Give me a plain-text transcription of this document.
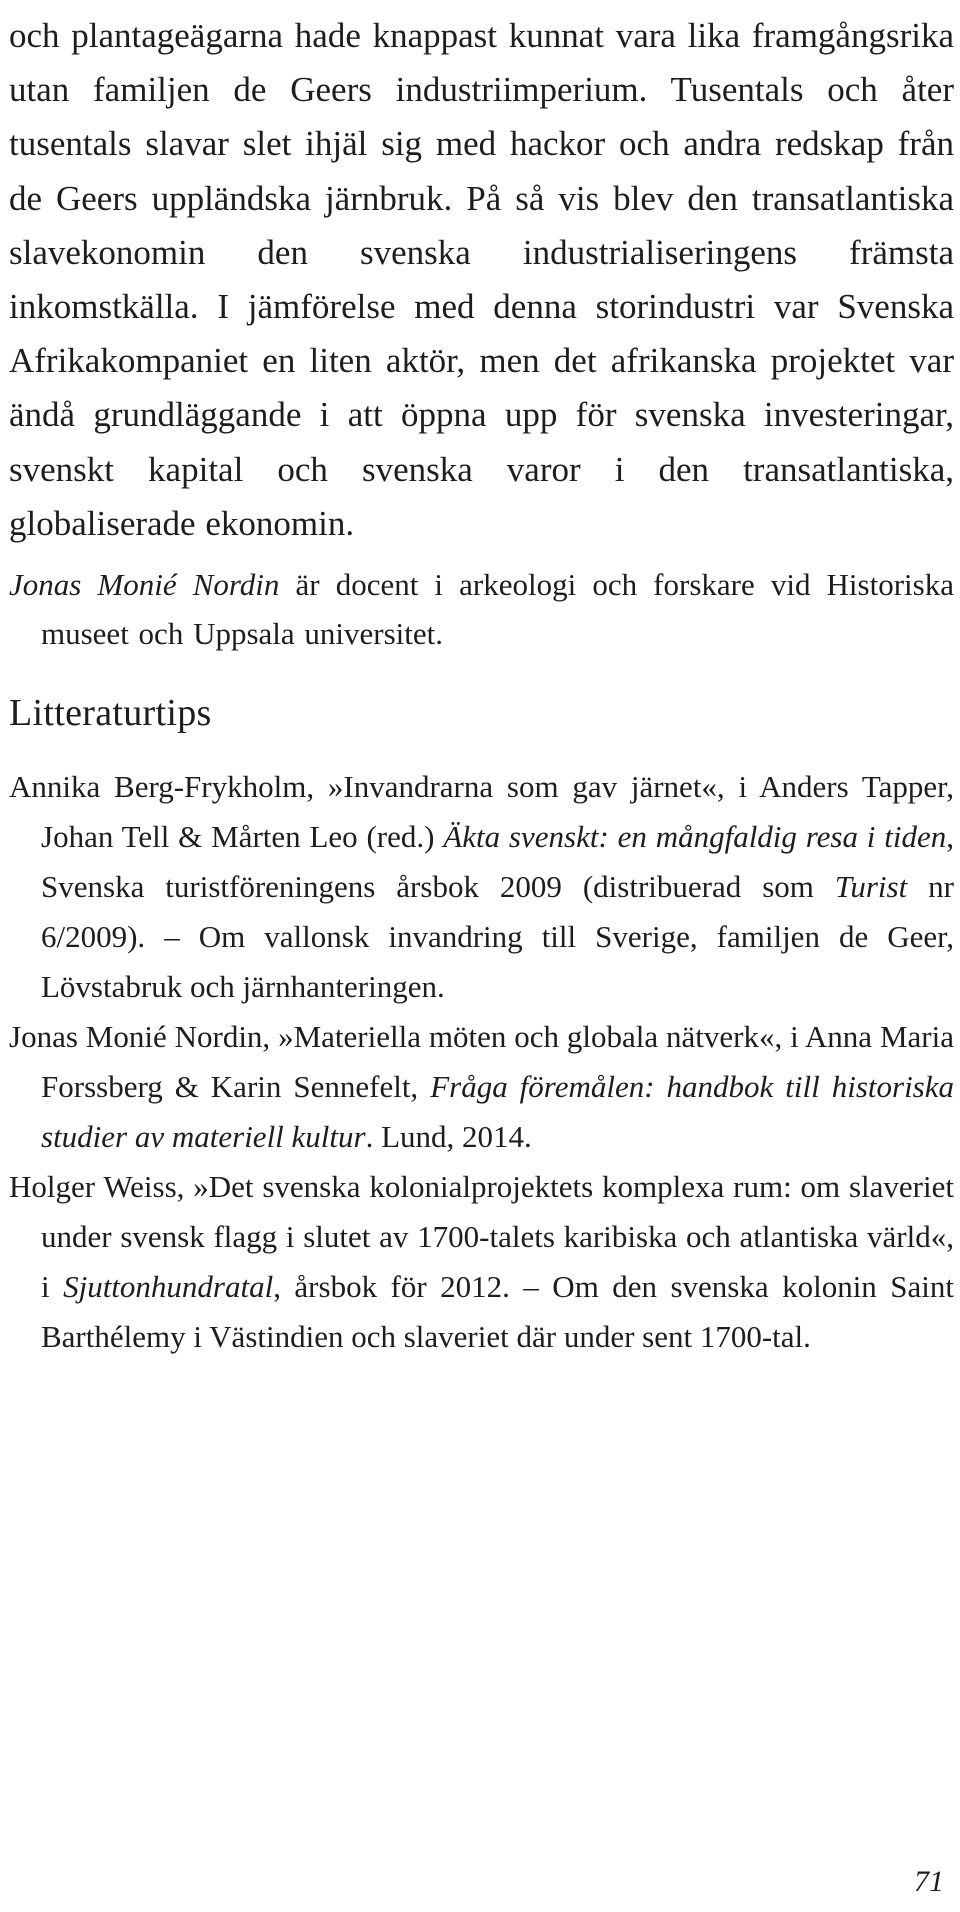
och plantageägarna hade knappast kunnat vara lika framgångsrika utan familjen de Geers industriimperium. Tusentals och åter tusentals slavar slet ihjäl sig med hackor och andra redskap från de Geers uppländska järnbruk. På så vis blev den transatlantiska slavekonomin den svenska industrialiseringens främsta inkomstkälla. I jämförelse med denna storindustri var Svenska Afrikakompaniet en liten aktör, men det afrikanska projektet var ändå grundläggande i att öppna upp för svenska investeringar, svenskt kapital och svenska varor i den transatlantiska, globaliserade ekonomin.

Jonas Monié Nordin är docent i arkeologi och forskare vid Historiska museet och Uppsala universitet.

Litteraturtips

Annika Berg-Frykholm, »Invandrarna som gav järnet«, i Anders Tapper, Johan Tell & Mårten Leo (red.) Äkta svenskt: en mångfaldig resa i tiden, Svenska turistföreningens årsbok 2009 (distribuerad som Turist nr 6/2009). – Om vallonsk invandring till Sverige, familjen de Geer, Lövstabruk och järnhanteringen.

Jonas Monié Nordin, »Materiella möten och globala nätverk«, i Anna Maria Forssberg & Karin Sennefelt, Fråga föremålen: handbok till historiska studier av materiell kultur. Lund, 2014.

Holger Weiss, »Det svenska kolonialprojektets komplexa rum: om slaveriet under svensk flagg i slutet av 1700-talets karibiska och atlantiska värld«, i Sjuttonhundratal, årsbok för 2012. – Om den svenska kolonin Saint Barthélemy i Västindien och slaveriet där under sent 1700-tal.

71
